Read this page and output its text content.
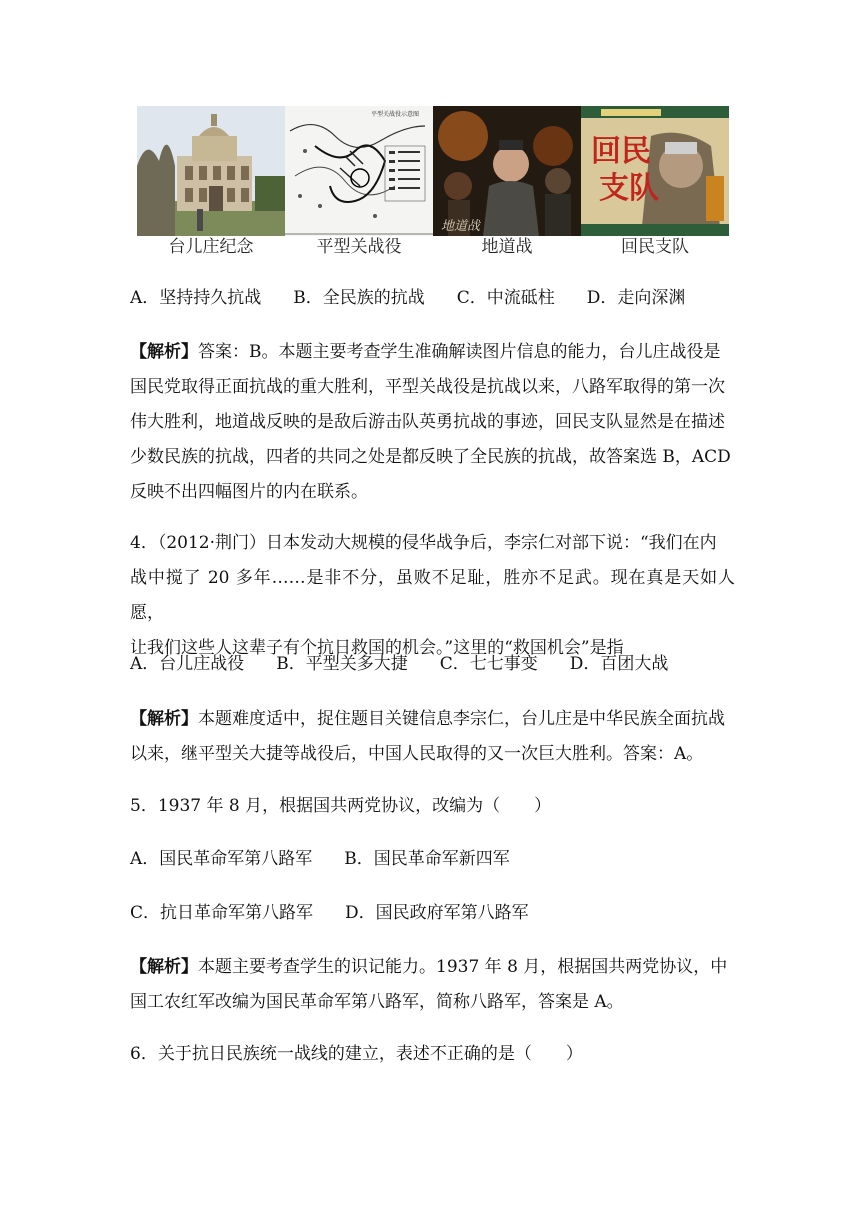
台儿庄纪念
平型关战役示意图
平型关战役
地道战
地道战
回民
支队
回民支队
A．坚持持久抗战 B．全民族的抗战 C．中流砥柱 D．走向深渊
【解析】答案：B。本题主要考查学生准确解读图片信息的能力，台儿庄战役是
国民党取得正面抗战的重大胜利，平型关战役是抗战以来，八路军取得的第一次
伟大胜利，地道战反映的是敌后游击队英勇抗战的事迹，回民支队显然是在描述
少数民族的抗战，四者的共同之处是都反映了全民族的抗战，故答案选 B，ACD
反映不出四幅图片的内在联系。
4．（2012·荆门）日本发动大规模的侵华战争后，李宗仁对部下说：“我们在内
战中搅了 20 多年……是非不分，虽败不足耻，胜亦不足武。现在真是天如人愿，
让我们这些人这辈子有个抗日救国的机会。”这里的“救国机会”是指
A．台儿庄战役 B．平型关多大捷 C．七七事变 D．百团大战
【解析】本题难度适中，捉住题目关键信息李宗仁，台儿庄是中华民族全面抗战
以来，继平型关大捷等战役后，中国人民取得的又一次巨大胜利。答案：A。
5．1937 年 8 月，根据国共两党协议，改编为（　　）
A．国民革命军第八路军 B．国民革命军新四军
C．抗日革命军第八路军 D．国民政府军第八路军
【解析】本题主要考查学生的识记能力。1937 年 8 月，根据国共两党协议，中
国工农红军改编为国民革命军第八路军，简称八路军，答案是 A。
6．关于抗日民族统一战线的建立，表述不正确的是（　　）
